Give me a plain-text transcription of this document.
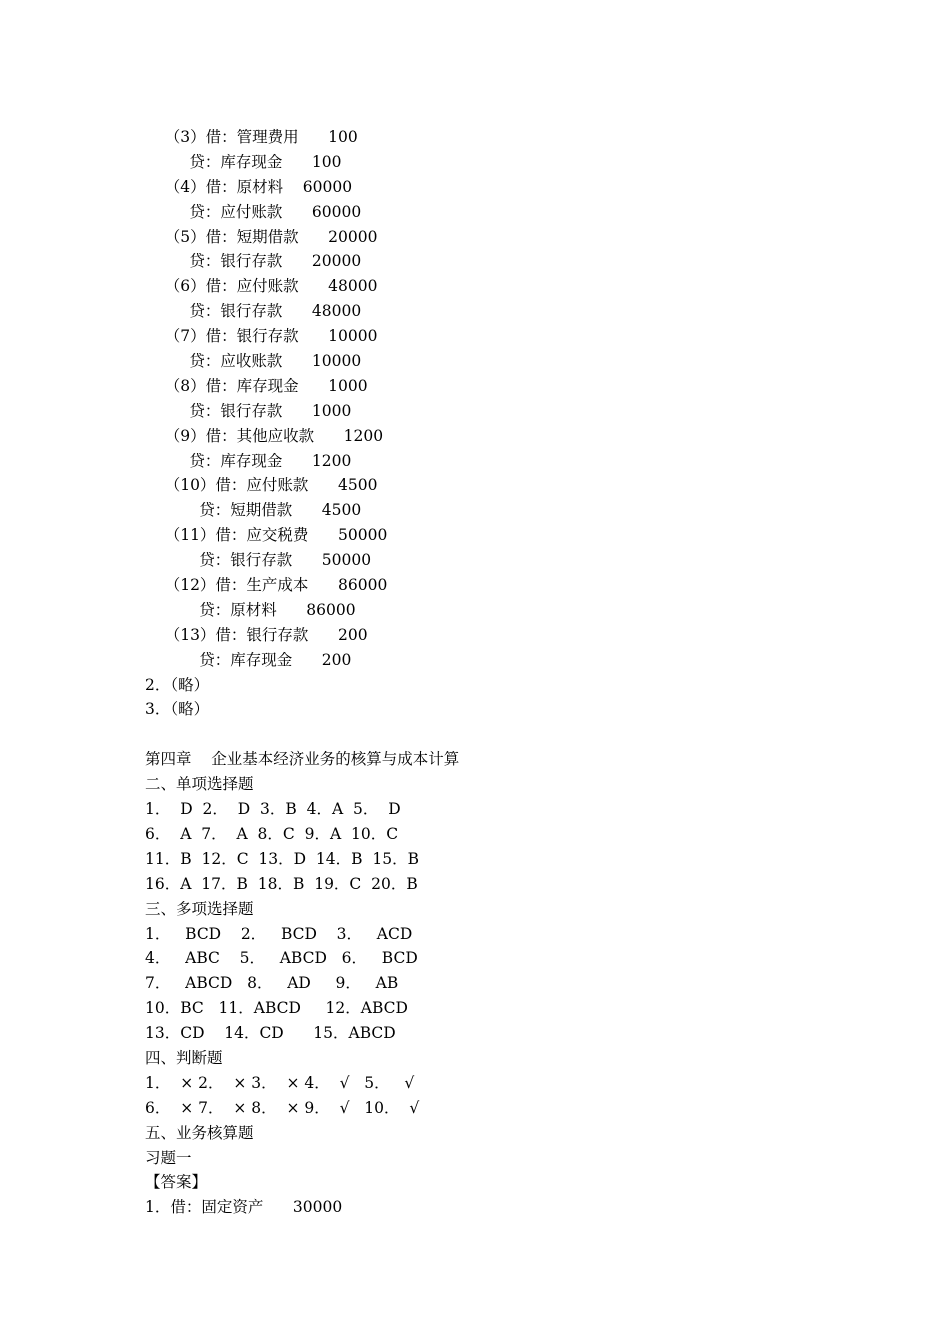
（3）借：管理费用      100
贷：库存现金      100
（4）借：原材料    60000
贷：应付账款      60000
（5）借：短期借款      20000
贷：银行存款      20000
（6）借：应付账款      48000
贷：银行存款      48000
（7）借：银行存款      10000
贷：应收账款      10000
（8）借：库存现金      1000
贷：银行存款      1000
（9）借：其他应收款      1200
贷：库存现金      1200
（10）借：应付账款      4500
贷：短期借款      4500
（11）借：应交税费      50000
贷：银行存款      50000
（12）借：生产成本      86000
贷：原材料      86000
（13）借：银行存款      200
贷：库存现金      200
2．（略）
3．（略）
第四章    企业基本经济业务的核算与成本计算
二、单项选择题
1．  D  2．  D  3．B  4．A  5．  D
6．  A  7．  A  8．C  9．A  10．C
11．B  12．C  13．D  14．B  15．B
16．A  17．B  18．B  19．C  20．B
三、多项选择题
1．   BCD    2．   BCD    3．   ACD
4．   ABC    5．   ABCD   6．   BCD
7．   ABCD   8．   AD     9．   AB
10．BC   11．ABCD     12．ABCD
13．CD    14．CD      15．ABCD
四、判断题
1．  × 2．  × 3．  × 4．  √   5．   √
6．  × 7．  × 8．  × 9．  √   10．  √
五、业务核算题
习题一
【答案】
1．借：固定资产      30000
